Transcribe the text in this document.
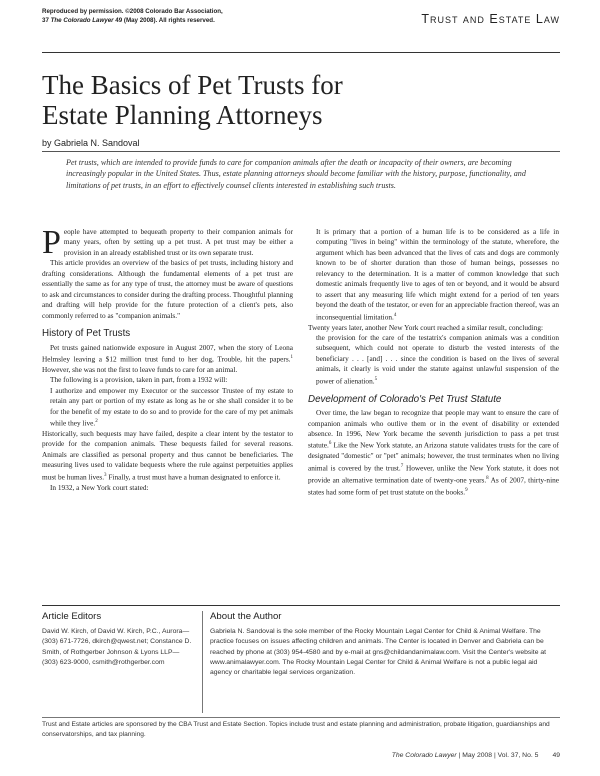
Reproduced by permission. ©2008 Colorado Bar Association,
37 The Colorado Lawyer 49 (May 2008). All rights reserved.	Trust and Estate Law
The Basics of Pet Trusts for
Estate Planning Attorneys
by Gabriela N. Sandoval
Pet trusts, which are intended to provide funds to care for companion animals after the death or incapacity of their owners, are becoming increasingly popular in the United States. Thus, estate planning attorneys should become familiar with the history, purpose, functionality, and limitations of pet trusts, in an effort to effectively counsel clients interested in establishing such trusts.

People have attempted to bequeath property to their companion animals for many years, often by setting up a pet trust. A pet trust may be either a provision in an already established trust or its own separate trust.

This article provides an overview of the basics of pet trusts, including history and drafting considerations. Although the fundamental elements of a pet trust are essentially the same as for any type of trust, the attorney must be aware of questions to ask and circumstances to consider during the drafting process. Thoughtful planning and drafting will help provide for the future protection of a client's pets, also commonly referred to as "companion animals."

History of Pet Trusts

Pet trusts gained nationwide exposure in August 2007, when the story of Leona Helmsley leaving a $12 million trust fund to her dog, Trouble, hit the papers.$^1$ However, she was not the first to leave funds to care for an animal.

The following is a provision, taken in part, from a 1932 will:

I authorize and empower my Executor or the successor Trustee of my estate to retain any part or portion of my estate as long as he or she shall consider it to be for the benefit of my estate to do so and to provide for the care of my pet animals while they live.$^2$

Historically, such bequests may have failed, despite a clear intent by the testator to provide for the companion animals. These bequests failed for several reasons. Animals are classified as personal property and thus cannot be beneficiaries. The measuring lives used to validate bequests where the rule against perpetuities applies must be human lives.$^3$ Finally, a trust must have a human designated to enforce it.

In 1932, a New York court stated:

It is primary that a portion of a human life is to be considered as a life in computing "lives in being" within the terminology of the statute, wherefore, the argument which has been advanced that the lives of cats and dogs are commonly known to be of shorter duration than those of human beings, possesses no relevancy to the determination. It is a matter of common knowledge that such domestic animals frequently live to ages of ten or beyond, and it would be absurd to assert that any measuring life which might extend for a period of ten years beyond the death of the testator, or even for an appreciable fraction thereof, was an inconsequential limitation.$^4$

Twenty years later, another New York court reached a similar result, concluding:

the provision for the care of the testatrix's companion animals was a condition subsequent, which could not operate to disturb the vested interests of the beneficiary . . . [and] . . . since the condition is based on the lives of several animals, it clearly is void under the statute against unlawful suspension of the power of alienation.$^5$

Development of Colorado's Pet Trust Statute

Over time, the law began to recognize that people may want to ensure the care of companion animals who outlive them or in the event of disability or extended absence. In 1996, New York became the seventh jurisdiction to pass a pet trust statute.$^6$ Like the New York statute, an Arizona statute validates trusts for the care of designated "domestic" or "pet" animals; however, the trust terminates when no living animal is covered by the trust.$^7$ However, unlike the New York statute, it does not provide an alternative termination date of twenty-one years.$^8$ As of 2007, thirty-nine states had some form of pet trust statute on the books.$^9$

Article Editors
David W. Kirch, of David W. Kirch, P.C., Aurora—(303) 671-7726, dkirch@qwest.net; Constance D. Smith, of Rothgerber Johnson & Lyons LLP—(303) 623-9000, csmith@rothgerber.com
About the Author
Gabriela N. Sandoval is the sole member of the Rocky Mountain Legal Center for Child & Animal Welfare. The practice focuses on issues affecting children and animals. The Center is located in Denver and Gabriela can be reached by phone at (303) 954-4580 and by e-mail at gns@childandanimalaw.com. Visit the Center's website at www.animalawyer.com. The Rocky Mountain Legal Center for Child & Animal Welfare is not a public legal aid agency or charitable legal services organization.
Trust and Estate articles are sponsored by the CBA Trust and Estate Section. Topics include trust and estate planning and administration, probate litigation, guardianships and conservatorships, and tax planning.
The Colorado Lawyer | May 2008 | Vol. 37, No. 5 49
